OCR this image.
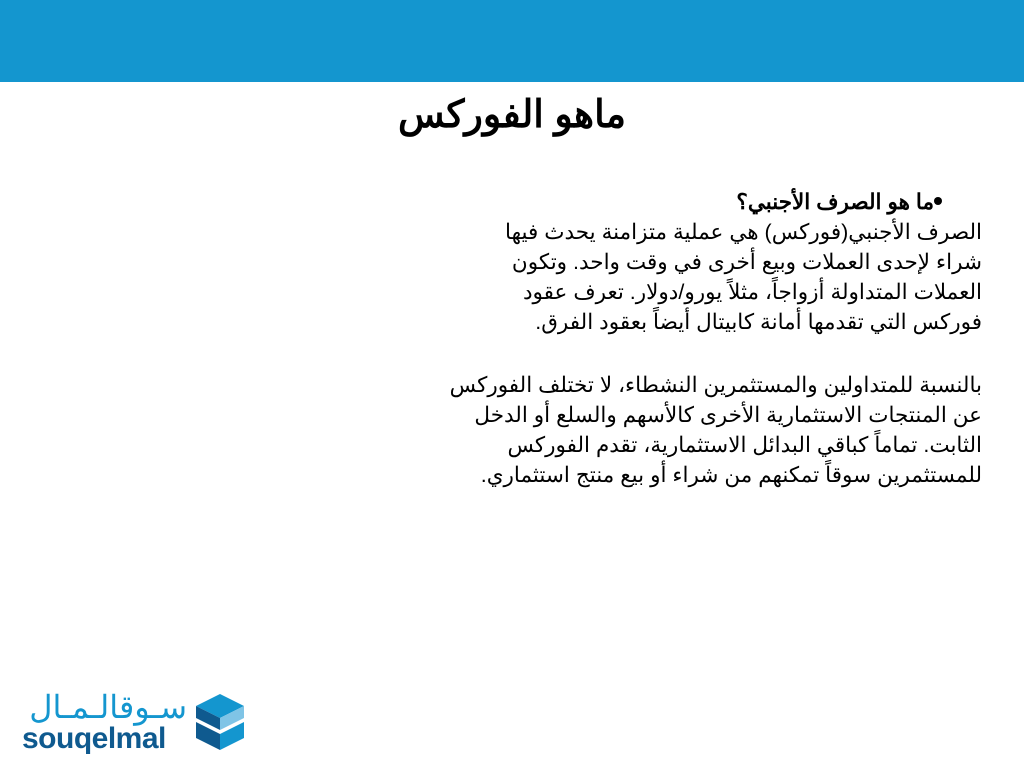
ماهو الفوركس
ما هو الصرف الأجنبي؟

الصرف الأجنبي(فوركس) هي عملية متزامنة يحدث فيها
شراء لإحدى العملات وبيع أخرى في وقت واحد. وتكون
العملات المتداولة أزواجاً، مثلاً يورو/دولار. تعرف عقود
فوركس التي تقدمها أمانة كابيتال أيضاً بعقود الفرق.

بالنسبة للمتداولين والمستثمرين النشطاء، لا تختلف الفوركس
عن المنتجات الاستثمارية الأخرى كالأسهم والسلع أو الدخل
الثابت. تماماً كباقي البدائل الاستثمارية، تقدم الفوركس
للمستثمرين سوقاً تمكنهم من شراء أو بيع منتج استثماري.

سـوقالـمـال
souqelmal
